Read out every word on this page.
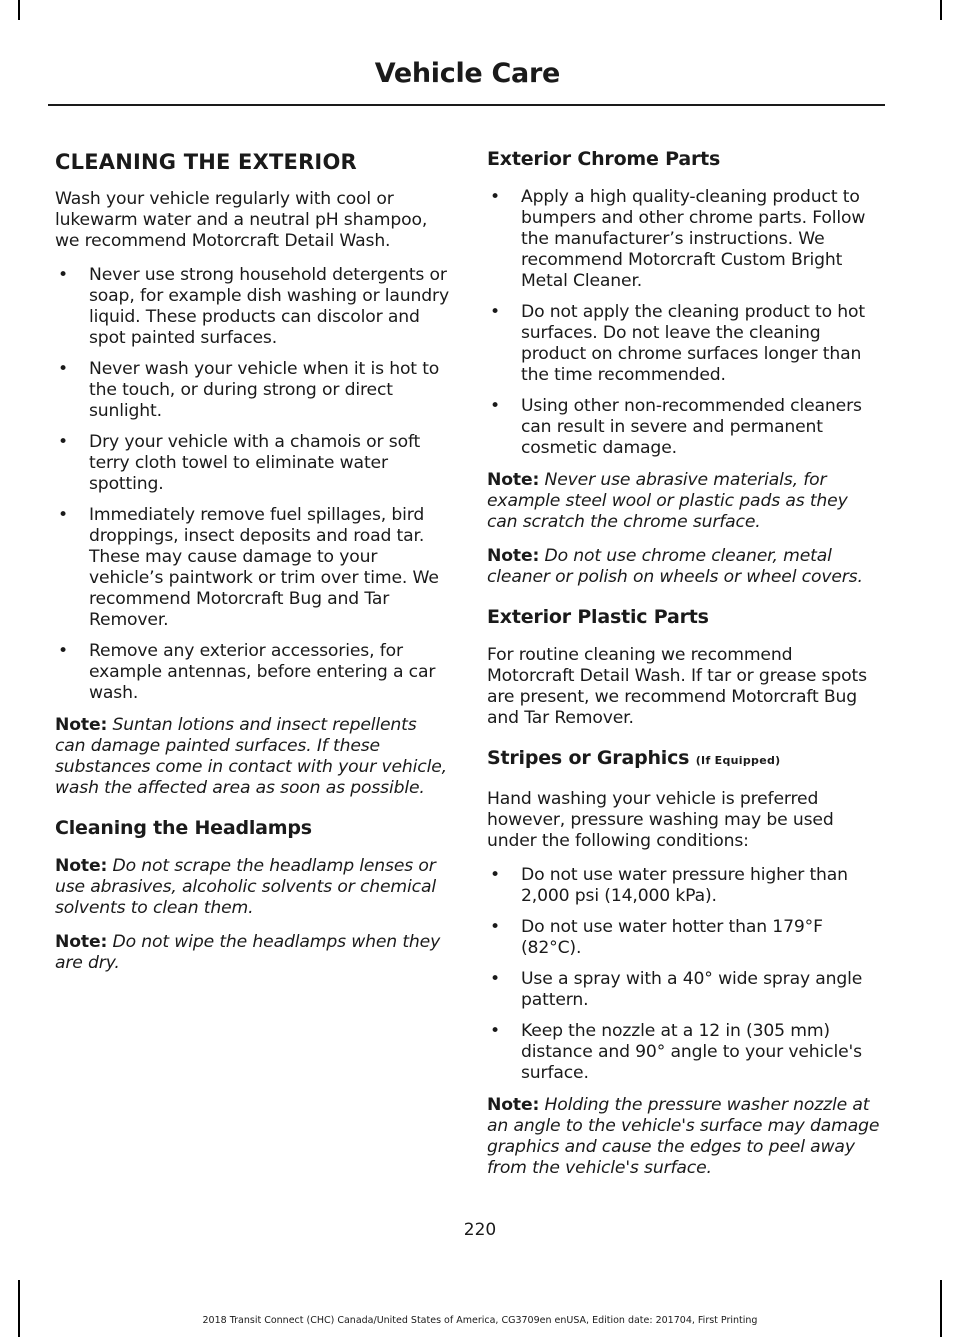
Vehicle Care
CLEANING THE EXTERIOR

Wash your vehicle regularly with cool or lukewarm water and a neutral pH shampoo, we recommend Motorcraft Detail Wash.

• Never use strong household detergents or soap, for example dish washing or laundry liquid. These products can discolor and spot painted surfaces.
• Never wash your vehicle when it is hot to the touch, or during strong or direct sunlight.
• Dry your vehicle with a chamois or soft terry cloth towel to eliminate water spotting.
• Immediately remove fuel spillages, bird droppings, insect deposits and road tar. These may cause damage to your vehicle’s paintwork or trim over time. We recommend Motorcraft Bug and Tar Remover.
• Remove any exterior accessories, for example antennas, before entering a car wash.

Note: Suntan lotions and insect repellents can damage painted surfaces. If these substances come in contact with your vehicle, wash the affected area as soon as possible.

Cleaning the Headlamps

Note: Do not scrape the headlamp lenses or use abrasives, alcoholic solvents or chemical solvents to clean them.

Note: Do not wipe the headlamps when they are dry.

Exterior Chrome Parts
• Apply a high quality-cleaning product to bumpers and other chrome parts. Follow the manufacturer’s instructions. We recommend Motorcraft Custom Bright Metal Cleaner.
• Do not apply the cleaning product to hot surfaces. Do not leave the cleaning product on chrome surfaces longer than the time recommended.
• Using other non-recommended cleaners can result in severe and permanent cosmetic damage.

Note: Never use abrasive materials, for example steel wool or plastic pads as they can scratch the chrome surface.

Note: Do not use chrome cleaner, metal cleaner or polish on wheels or wheel covers.

Exterior Plastic Parts

For routine cleaning we recommend Motorcraft Detail Wash. If tar or grease spots are present, we recommend Motorcraft Bug and Tar Remover.

Stripes or Graphics (If Equipped)

Hand washing your vehicle is preferred however, pressure washing may be used under the following conditions:

• Do not use water pressure higher than 2,000 psi (14,000 kPa).
• Do not use water hotter than 179°F (82°C).
• Use a spray with a 40° wide spray angle pattern.
• Keep the nozzle at a 12 in (305 mm) distance and 90° angle to your vehicle's surface.

Note: Holding the pressure washer nozzle at an angle to the vehicle's surface may damage graphics and cause the edges to peel away from the vehicle's surface.

220
2018 Transit Connect (CHC) Canada/United States of America, CG3709en enUSA, Edition date: 201704, First Printing
